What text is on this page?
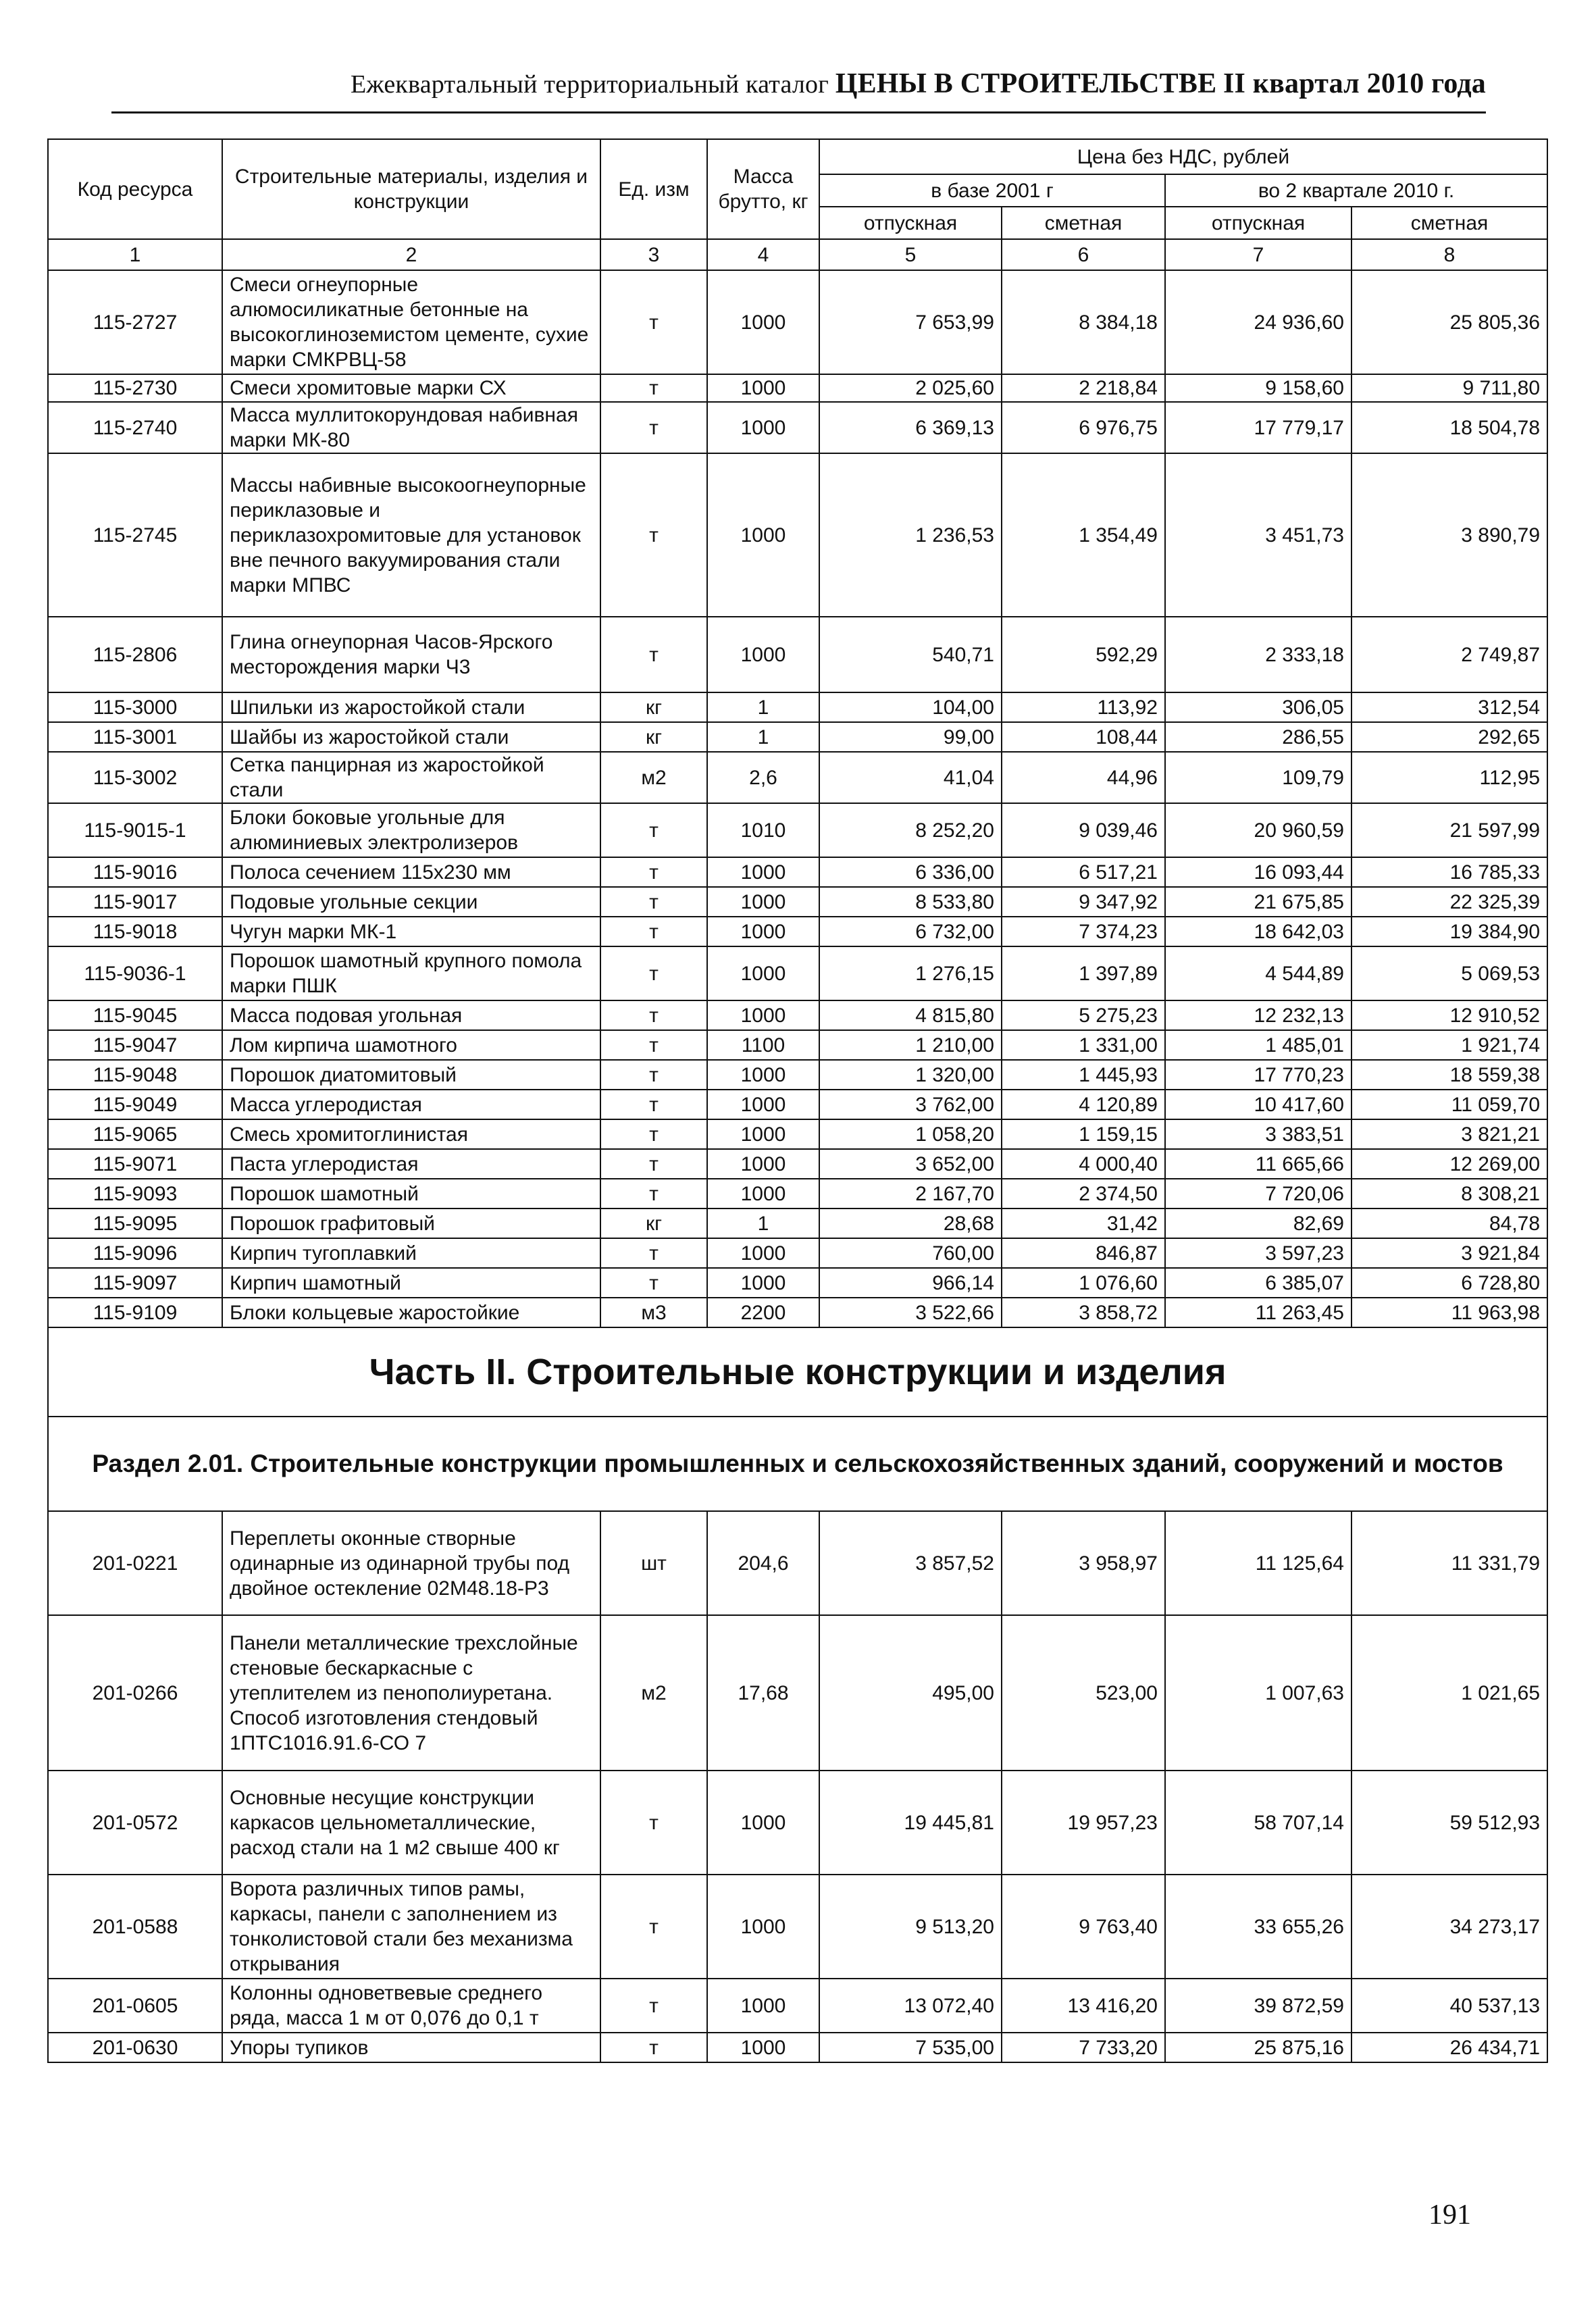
Ежеквартальный территориальный каталог ЦЕНЫ В СТРОИТЕЛЬСТВЕ II квартал 2010 года
Код ресурса	Строительные материалы, изделия и конструкции	Ед. изм	Масса брутто, кг	Цена без НДС, рублей			
				в базе 2001 г		во 2 квартале 2010 г.	
				отпускная	сметная	отпускная	сметная
1	2	3	4	5	6	7	8
115-2727	Смеси огнеупорные алюмосиликатные бетонные на высокоглиноземистом цементе, сухие марки СМКРВЦ-58	т	1000	7 653,99	8 384,18	24 936,60	25 805,36
115-2730	Смеси хромитовые марки СХ	т	1000	2 025,60	2 218,84	9 158,60	9 711,80
115-2740	Масса муллитокорундовая набивная марки МК-80	т	1000	6 369,13	6 976,75	17 779,17	18 504,78
115-2745	Массы набивные высокоогнеупорные периклазовые и периклазохромитовые для установок вне печного вакуумирования стали марки МПВС	т	1000	1 236,53	1 354,49	3 451,73	3 890,79
115-2806	Глина огнеупорная Часов-Ярского месторождения марки Ч3	т	1000	540,71	592,29	2 333,18	2 749,87
115-3000	Шпильки из жаростойкой стали	кг	1	104,00	113,92	306,05	312,54
115-3001	Шайбы из жаростойкой стали	кг	1	99,00	108,44	286,55	292,65
115-3002	Сетка панцирная из жаростойкой стали	м2	2,6	41,04	44,96	109,79	112,95
115-9015-1	Блоки боковые угольные для алюминиевых электролизеров	т	1010	8 252,20	9 039,46	20 960,59	21 597,99
115-9016	Полоса сечением 115х230 мм	т	1000	6 336,00	6 517,21	16 093,44	16 785,33
115-9017	Подовые угольные секции	т	1000	8 533,80	9 347,92	21 675,85	22 325,39
115-9018	Чугун марки МК-1	т	1000	6 732,00	7 374,23	18 642,03	19 384,90
115-9036-1	Порошок шамотный крупного помола марки ПШК	т	1000	1 276,15	1 397,89	4 544,89	5 069,53
115-9045	Масса подовая угольная	т	1000	4 815,80	5 275,23	12 232,13	12 910,52
115-9047	Лом кирпича шамотного	т	1100	1 210,00	1 331,00	1 485,01	1 921,74
115-9048	Порошок диатомитовый	т	1000	1 320,00	1 445,93	17 770,23	18 559,38
115-9049	Масса углеродистая	т	1000	3 762,00	4 120,89	10 417,60	11 059,70
115-9065	Смесь хромитоглинистая	т	1000	1 058,20	1 159,15	3 383,51	3 821,21
115-9071	Паста углеродистая	т	1000	3 652,00	4 000,40	11 665,66	12 269,00
115-9093	Порошок шамотный	т	1000	2 167,70	2 374,50	7 720,06	8 308,21
115-9095	Порошок графитовый	кг	1	28,68	31,42	82,69	84,78
115-9096	Кирпич тугоплавкий	т	1000	760,00	846,87	3 597,23	3 921,84
115-9097	Кирпич шамотный	т	1000	966,14	1 076,60	6 385,07	6 728,80
115-9109	Блоки кольцевые жаростойкие	м3	2200	3 522,66	3 858,72	11 263,45	11 963,98
Часть II. Строительные конструкции и изделия							
Раздел 2.01. Строительные конструкции промышленных и сельскохозяйственных зданий, сооружений и мостов							
201-0221	Переплеты оконные створные одинарные из одинарной трубы под двойное остекление 02М48.18-Р3	шт	204,6	3 857,52	3 958,97	11 125,64	11 331,79
201-0266	Панели металлические трехслойные стеновые бескаркасные с утеплителем из пенополиуретана. Способ изготовления стендовый 1ПТС1016.91.6-СО 7	м2	17,68	495,00	523,00	1 007,63	1 021,65
201-0572	Основные несущие конструкции каркасов цельнометаллические, расход стали на 1 м2 свыше 400 кг	т	1000	19 445,81	19 957,23	58 707,14	59 512,93
201-0588	Ворота различных типов рамы, каркасы, панели с заполнением из тонколистовой стали без механизма открывания	т	1000	9 513,20	9 763,40	33 655,26	34 273,17
201-0605	Колонны одноветвевые среднего ряда, масса 1 м от 0,076 до 0,1 т	т	1000	13 072,40	13 416,20	39 872,59	40 537,13
201-0630	Упоры тупиков	т	1000	7 535,00	7 733,20	25 875,16	26 434,71
191
